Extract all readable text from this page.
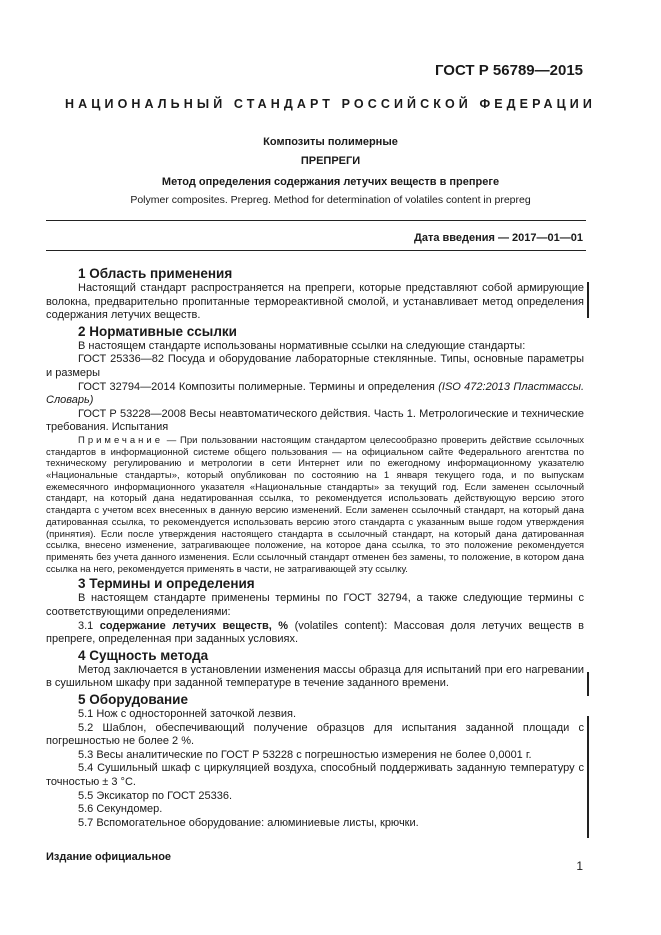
ГОСТ Р 56789—2015
НАЦИОНАЛЬНЫЙ СТАНДАРТ РОССИЙСКОЙ ФЕДЕРАЦИИ
Композиты полимерные
ПРЕПРЕГИ
Метод определения содержания летучих веществ в препреге
Polymer composites. Prepreg. Method for determination of volatiles content in prepreg
Дата введения — 2017—01—01
1 Область применения

Настоящий стандарт распространяется на препреги, которые представляют собой армирующие волокна, предварительно пропитанные термореактивной смолой, и устанавливает метод определения содержания летучих веществ.

2 Нормативные ссылки

В настоящем стандарте использованы нормативные ссылки на следующие стандарты:

ГОСТ 25336—82 Посуда и оборудование лабораторные стеклянные. Типы, основные параметры и размеры

ГОСТ 32794—2014 Композиты полимерные. Термины и определения (ISO 472:2013 Пластмассы. Словарь)

ГОСТ Р 53228—2008 Весы неавтоматического действия. Часть 1. Метрологические и технические требования. Испытания

Примечание — При пользовании настоящим стандартом целесообразно проверить действие ссылочных стандартов в информационной системе общего пользования — на официальном сайте Федерального агентства по техническому регулированию и метрологии в сети Интернет или по ежегодному информационному указателю «Национальные стандарты», который опубликован по состоянию на 1 января текущего года, и по выпускам ежемесячного информационного указателя «Национальные стандарты» за текущий год. Если заменен ссылочный стандарт, на который дана недатированная ссылка, то рекомендуется использовать действующую версию этого стандарта с учетом всех внесенных в данную версию изменений. Если заменен ссылочный стандарт, на который дана датированная ссылка, то рекомендуется использовать версию этого стандарта с указанным выше годом утверждения (принятия). Если после утверждения настоящего стандарта в ссылочный стандарт, на который дана датированная ссылка, внесено изменение, затрагивающее положение, на которое дана ссылка, то это положение рекомендуется применять без учета данного изменения. Если ссылочный стандарт отменен без замены, то положение, в котором дана ссылка на него, рекомендуется применять в части, не затрагивающей эту ссылку.

3 Термины и определения

В настоящем стандарте применены термины по ГОСТ 32794, а также следующие термины с соответствующими определениями:

3.1 содержание летучих веществ, % (volatiles content): Массовая доля летучих веществ в препреге, определенная при заданных условиях.

4 Сущность метода

Метод заключается в установлении изменения массы образца для испытаний при его нагревании в сушильном шкафу при заданной температуре в течение заданного времени.

5 Оборудование

5.1 Нож с односторонней заточкой лезвия.

5.2 Шаблон, обеспечивающий получение образцов для испытания заданной площади с погрешностью не более 2 %.

5.3 Весы аналитические по ГОСТ Р 53228 с погрешностью измерения не более 0,0001 г.

5.4 Сушильный шкаф с циркуляцией воздуха, способный поддерживать заданную температуру с точностью ± 3 °С.

5.5 Эксикатор по ГОСТ 25336.

5.6 Секундомер.

5.7 Вспомогательное оборудование: алюминиевые листы, крючки.

Издание официальное
1
